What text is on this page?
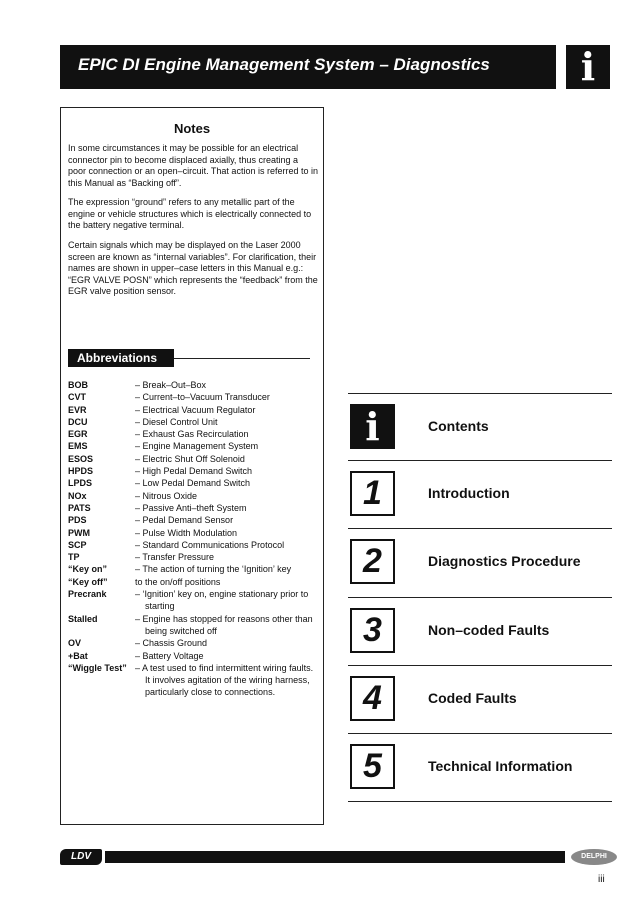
EPIC DI Engine Management System – Diagnostics	i
Notes

In some circumstances it may be possible for an electrical connector pin to become displaced axially, thus creating a poor connection or an open–circuit. That action is referred to in this Manual as “Backing off”.

The expression “ground” refers to any metallic part of the engine or vehicle structures which is electrically connected to the battery negative terminal.

Certain signals which may be displayed on the Laser 2000 screen are known as “internal variables”. For clarification, their names are shown in upper–case letters in this Manual e.g.: “EGR VALVE POSN” which represents the “feedback” from the EGR valve position sensor.

Abbreviations
BOB	– Break–Out–Box
CVT	– Current–to–Vacuum Transducer
EVR	– Electrical Vacuum Regulator
DCU	– Diesel Control Unit
EGR	– Exhaust Gas Recirculation
EMS	– Engine Management System
ESOS	– Electric Shut Off Solenoid
HPDS	– High Pedal Demand Switch
LPDS	– Low Pedal Demand Switch
NOx	– Nitrous Oxide
PATS	– Passive Anti–theft System
PDS	– Pedal Demand Sensor
PWM	– Pulse Width Modulation
SCP	– Standard Communications Protocol
TP	– Transfer Pressure
“Key on”	– The action of turning the ‘Ignition’ key
“Key off”	to the on/off positions
Precrank	– ‘Ignition’ key on, engine stationary prior to starting
Stalled	– Engine has stopped for reasons other than being switched off
OV	– Chassis Ground
+Bat	– Battery Voltage
“Wiggle Test” – A test used to find intermittent wiring faults. It involves agitation of the wiring harness, particularly close to connections.
i	Contents
1	Introduction
2	Diagnostics Procedure
3	Non–coded Faults
4	Coded Faults
5	Technical Information
LDV	DELPHI
iii
